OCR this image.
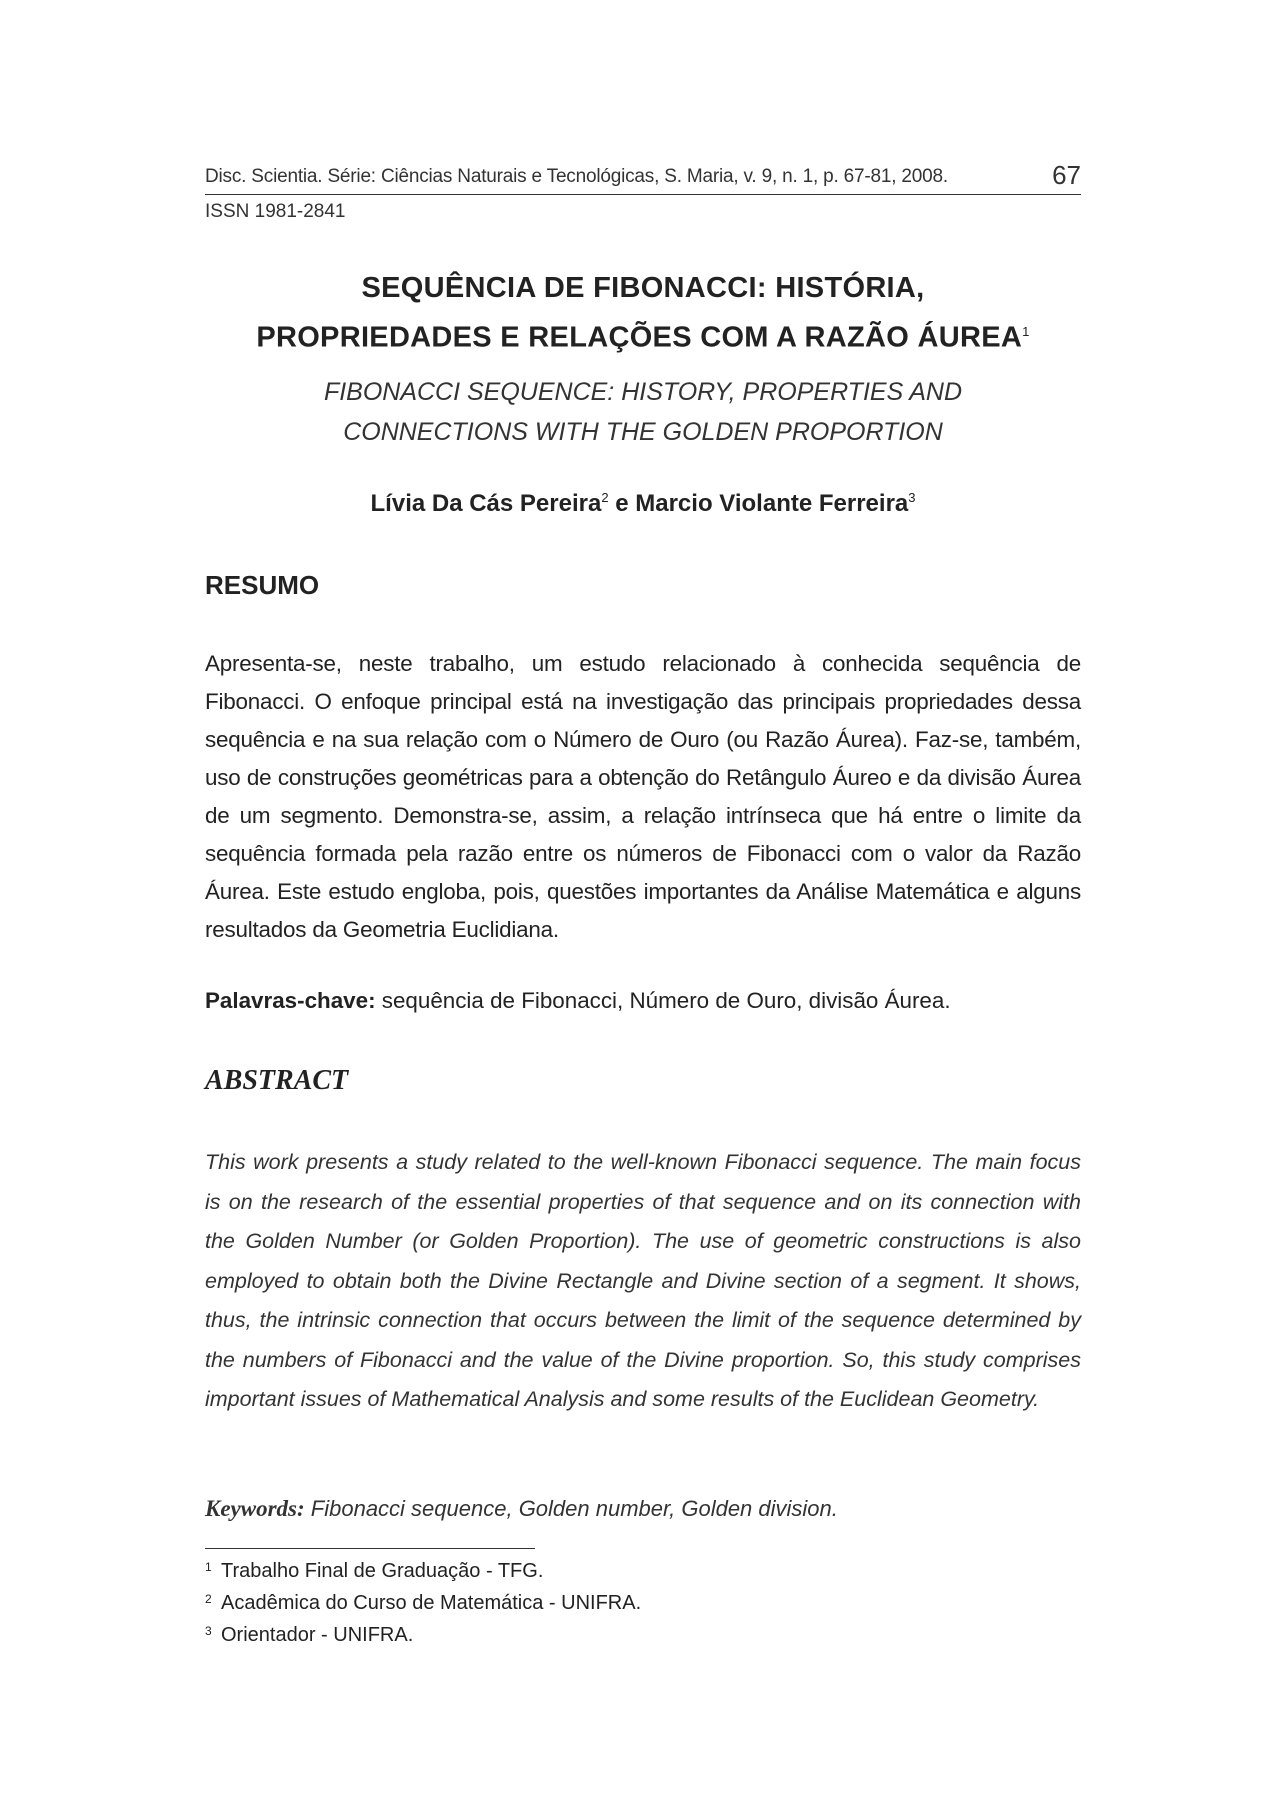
Disc. Scientia. Série: Ciências Naturais e Tecnológicas, S. Maria, v. 9, n. 1, p. 67-81, 2008.	67
ISSN 1981-2841
SEQUÊNCIA DE FIBONACCI: HISTÓRIA,
PROPRIEDADES E RELAÇÕES COM A RAZÃO ÁUREA$^1$
FIBONACCI SEQUENCE: HISTORY, PROPERTIES AND
CONNECTIONS WITH THE GOLDEN PROPORTION
Lívia Da Cás Pereira$^2$ e Marcio Violante Ferreira$^3$
RESUMO
Apresenta-se, neste trabalho, um estudo relacionado à conhecida sequência de Fibonacci. O enfoque principal está na investigação das principais propriedades dessa sequência e na sua relação com o Número de Ouro (ou Razão Áurea). Faz-se, também, uso de construções geométricas para a obtenção do Retângulo Áureo e da divisão Áurea de um segmento. Demonstra-se, assim, a relação intrínseca que há entre o limite da sequência formada pela razão entre os números de Fibonacci com o valor da Razão Áurea. Este estudo engloba, pois, questões importantes da Análise Matemática e alguns resultados da Geometria Euclidiana.
Palavras-chave: sequência de Fibonacci, Número de Ouro, divisão Áurea.
ABSTRACT
This work presents a study related to the well-known Fibonacci sequence. The main focus is on the research of the essential properties of that sequence and on its connection with the Golden Number (or Golden Proportion). The use of geometric constructions is also employed to obtain both the Divine Rectangle and Divine section of a segment. It shows, thus, the intrinsic connection that occurs between the limit of the sequence determined by the numbers of Fibonacci and the value of the Divine proportion. So, this study comprises important issues of Mathematical Analysis and some results of the Euclidean Geometry.
Keywords: Fibonacci sequence, Golden number, Golden division.
1 Trabalho Final de Graduação - TFG.
2 Acadêmica do Curso de Matemática - UNIFRA.
3 Orientador - UNIFRA.
